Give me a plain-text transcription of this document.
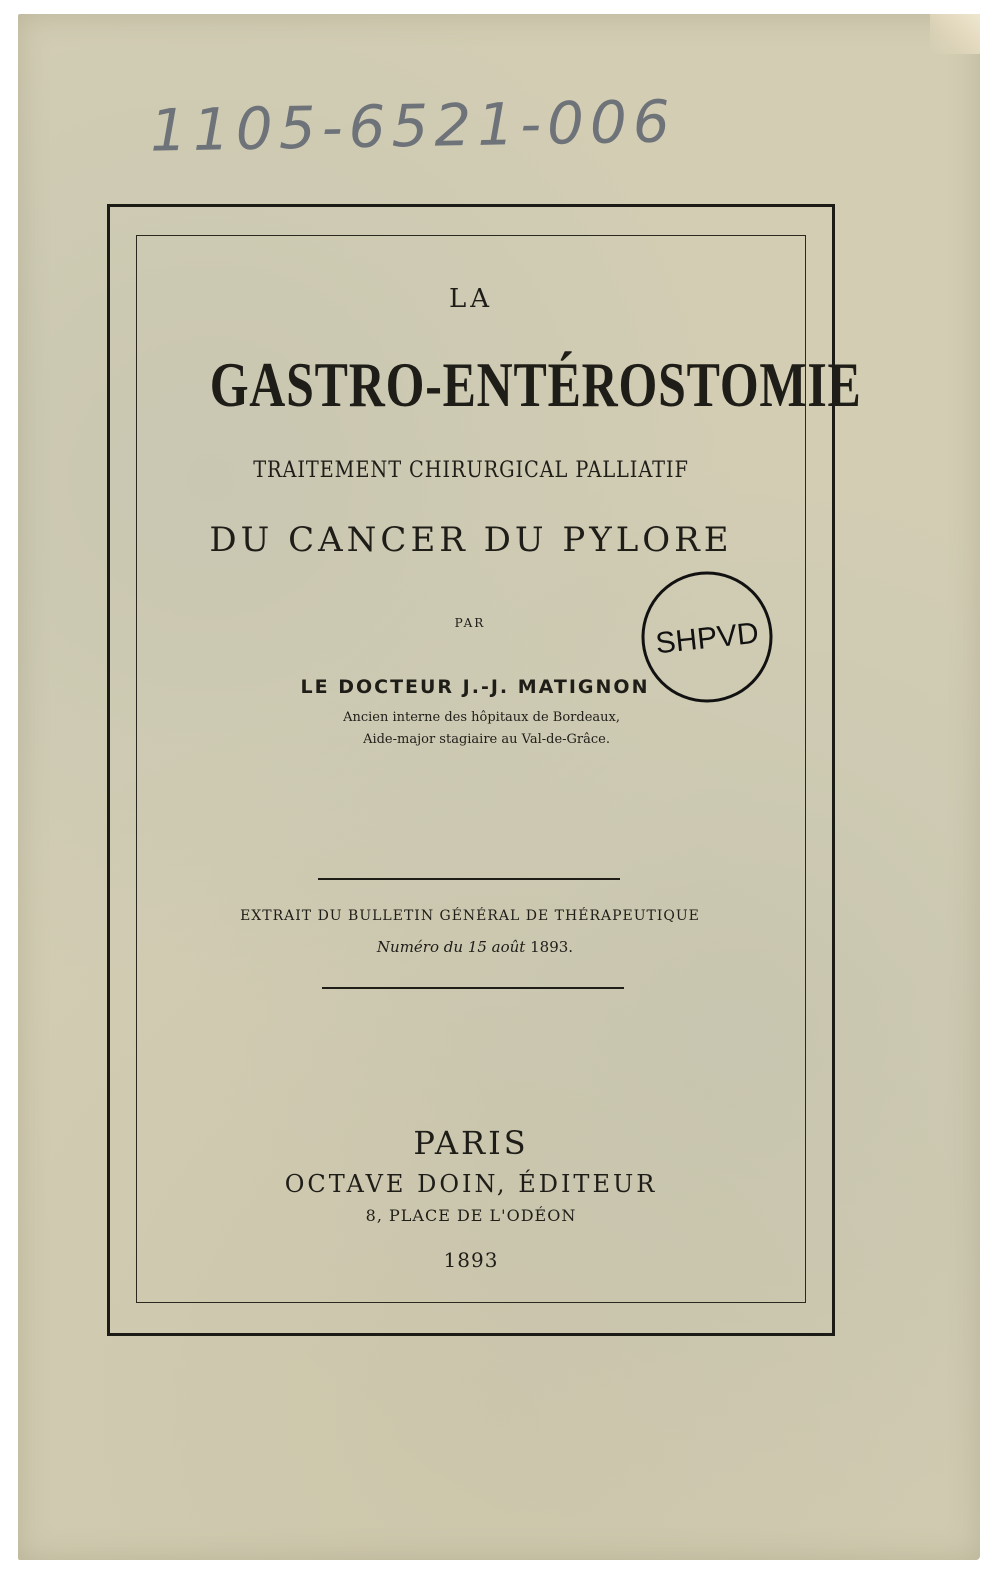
1105-6521-006
LA
GASTRO-ENTÉROSTOMIE
TRAITEMENT CHIRURGICAL PALLIATIF
DU CANCER DU PYLORE
PAR
LE DOCTEUR J.-J. MATIGNON
Ancien interne des hôpitaux de Bordeaux,
Aide-major stagiaire au Val-de-Grâce.
SHPVD
EXTRAIT DU BULLETIN GÉNÉRAL DE THÉRAPEUTIQUE
Numéro du 15 août 1893.
PARIS
OCTAVE DOIN, ÉDITEUR
8, PLACE DE L'ODÉON
1893
